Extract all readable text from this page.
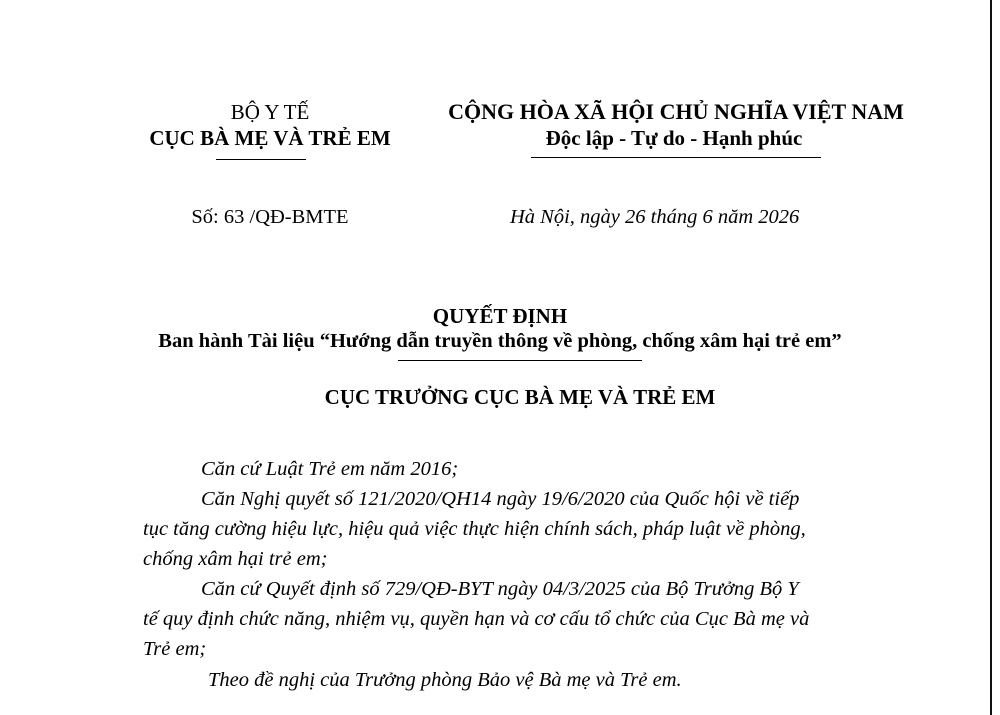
BỘ Y TẾ
CỤC BÀ MẸ VÀ TRẺ EM
CỘNG HÒA XÃ HỘI CHỦ NGHĨA VIỆT NAM
Độc lập - Tự do - Hạnh phúc
Số: 63 /QĐ-BMTE	Hà Nội, ngày 26 tháng 6 năm 2026
QUYẾT ĐỊNH
Ban hành Tài liệu “Hướng dẫn truyền thông về phòng, chống xâm hại trẻ em”
CỤC TRƯỞNG CỤC BÀ MẸ VÀ TRẺ EM
Căn cứ Luật Trẻ em năm 2016;
Căn Nghị quyết số 121/2020/QH14 ngày 19/6/2020 của Quốc hội về tiếp
tục tăng cường hiệu lực, hiệu quả việc thực hiện chính sách, pháp luật về phòng,
chống xâm hại trẻ em;
Căn cứ Quyết định số 729/QĐ-BYT ngày 04/3/2025 của Bộ Trưởng Bộ Y
tế quy định chức năng, nhiệm vụ, quyền hạn và cơ cấu tổ chức của Cục Bà mẹ và
Trẻ em;
Theo đề nghị của Trưởng phòng Bảo vệ Bà mẹ và Trẻ em.
